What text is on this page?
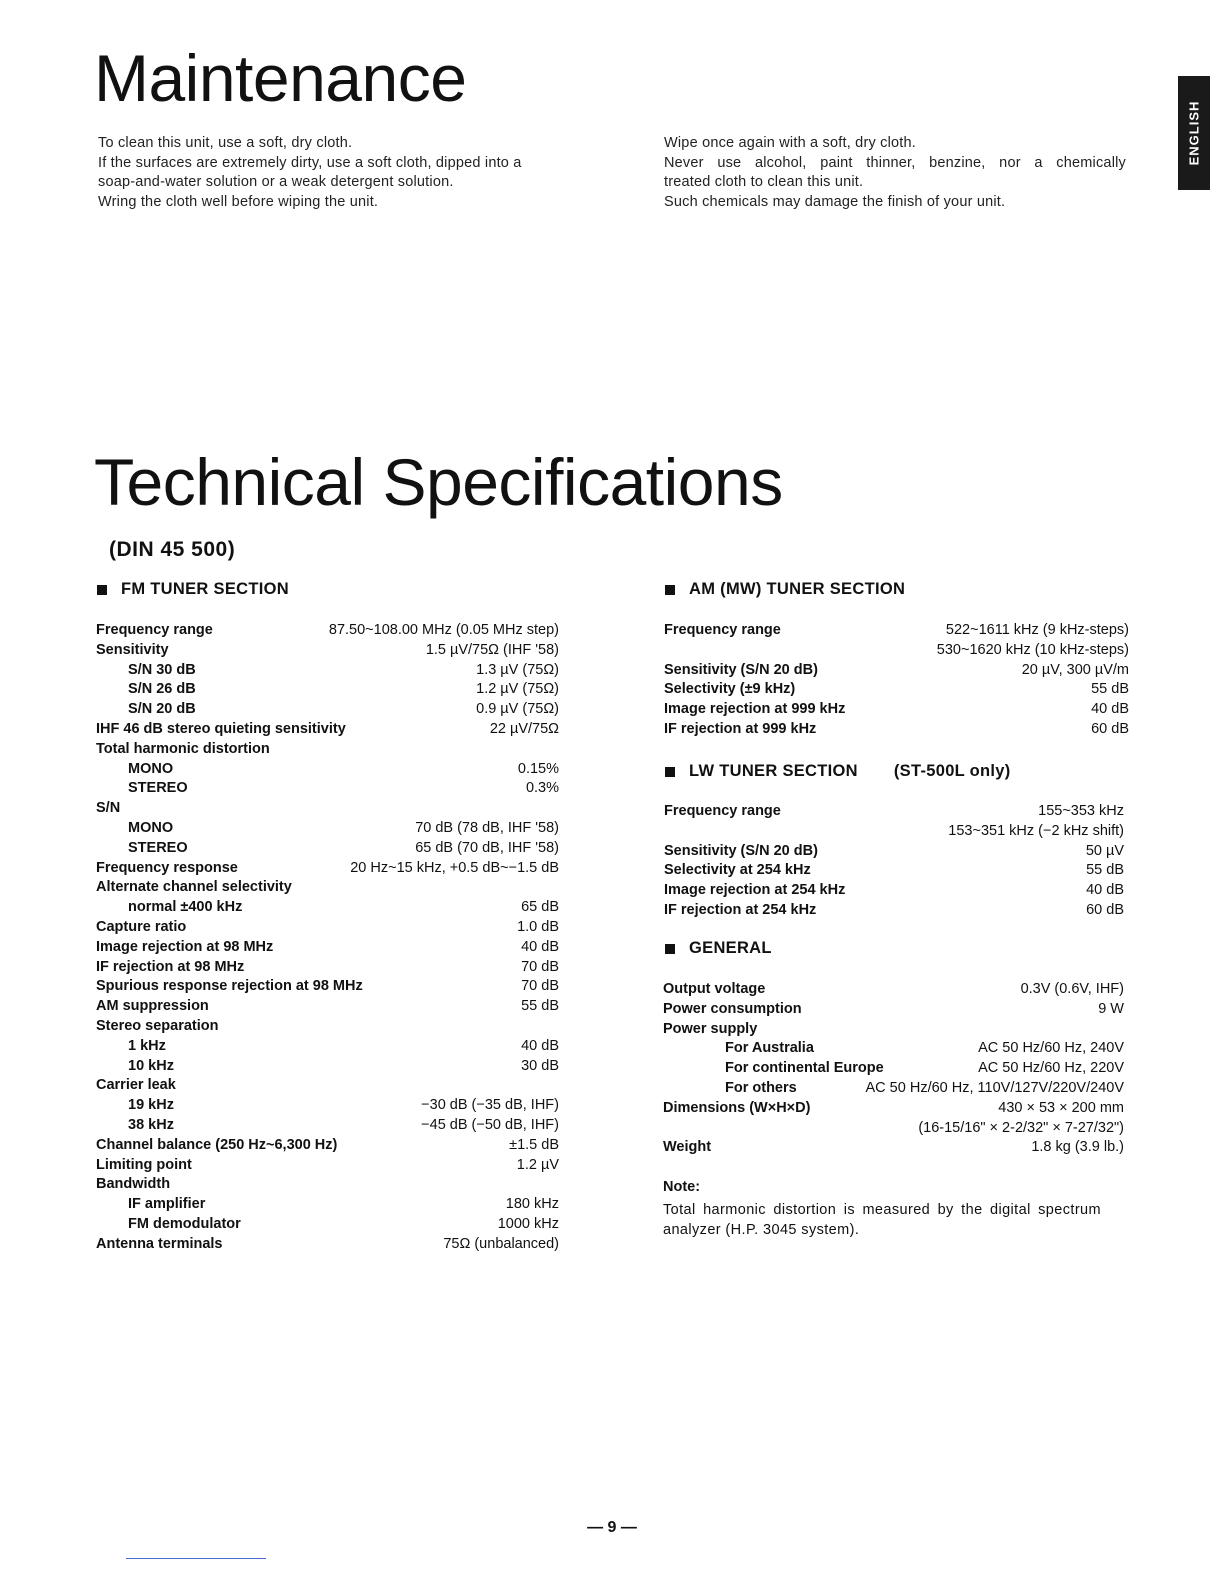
ENGLISH
Maintenance
To clean this unit, use a soft, dry cloth.
If the surfaces are extremely dirty, use a soft cloth, dipped into a
soap-and-water solution or a weak detergent solution.
Wring the cloth well before wiping the unit.
Wipe once again with a soft, dry cloth.
Never use alcohol, paint thinner, benzine, nor a chemically
treated cloth to clean this unit.
Such chemicals may damage the finish of your unit.
Technical Specifications
(DIN 45 500)
FM TUNER SECTION
Frequency range	87.50~108.00 MHz (0.05 MHz step)
Sensitivity	1.5 µV/75Ω (IHF '58)
S/N 30 dB	1.3 µV (75Ω)
S/N 26 dB	1.2 µV (75Ω)
S/N 20 dB	0.9 µV (75Ω)
IHF 46 dB stereo quieting sensitivity	22 µV/75Ω
Total harmonic distortion
MONO	0.15%
STEREO	0.3%
S/N
MONO	70 dB (78 dB, IHF '58)
STEREO	65 dB (70 dB, IHF '58)
Frequency response	20 Hz~15 kHz, +0.5 dB~−1.5 dB
Alternate channel selectivity
normal ±400 kHz	65 dB
Capture ratio	1.0 dB
Image rejection at 98 MHz	40 dB
IF rejection at 98 MHz	70 dB
Spurious response rejection at 98 MHz	70 dB
AM suppression	55 dB
Stereo separation
1 kHz	40 dB
10 kHz	30 dB
Carrier leak
19 kHz	−30 dB (−35 dB, IHF)
38 kHz	−45 dB (−50 dB, IHF)
Channel balance (250 Hz~6,300 Hz)	±1.5 dB
Limiting point	1.2 µV
Bandwidth
IF amplifier	180 kHz
FM demodulator	1000 kHz
Antenna terminals	75Ω (unbalanced)
AM (MW) TUNER SECTION
Frequency range	522~1611 kHz (9 kHz-steps)
530~1620 kHz (10 kHz-steps)
Sensitivity (S/N 20 dB)	20 µV, 300 µV/m
Selectivity (±9 kHz)	55 dB
Image rejection at 999 kHz	40 dB
IF rejection at 999 kHz	60 dB
LW TUNER SECTION (ST-500L only)
Frequency range	155~353 kHz
153~351 kHz (−2 kHz shift)
Sensitivity (S/N 20 dB)	50 µV
Selectivity at 254 kHz	55 dB
Image rejection at 254 kHz	40 dB
IF rejection at 254 kHz	60 dB
GENERAL
Output voltage	0.3V (0.6V, IHF)
Power consumption	9 W
Power supply
For Australia	AC 50 Hz/60 Hz, 240V
For continental Europe	AC 50 Hz/60 Hz, 220V
For others	AC 50 Hz/60 Hz, 110V/127V/220V/240V
Dimensions (W×H×D)	430 × 53 × 200 mm
(16-15/16" × 2-2/32" × 7-27/32")
Weight	1.8 kg (3.9 lb.)
Note:
Total harmonic distortion is measured by the digital spectrum analyzer (H.P. 3045 system).
— 9 —
